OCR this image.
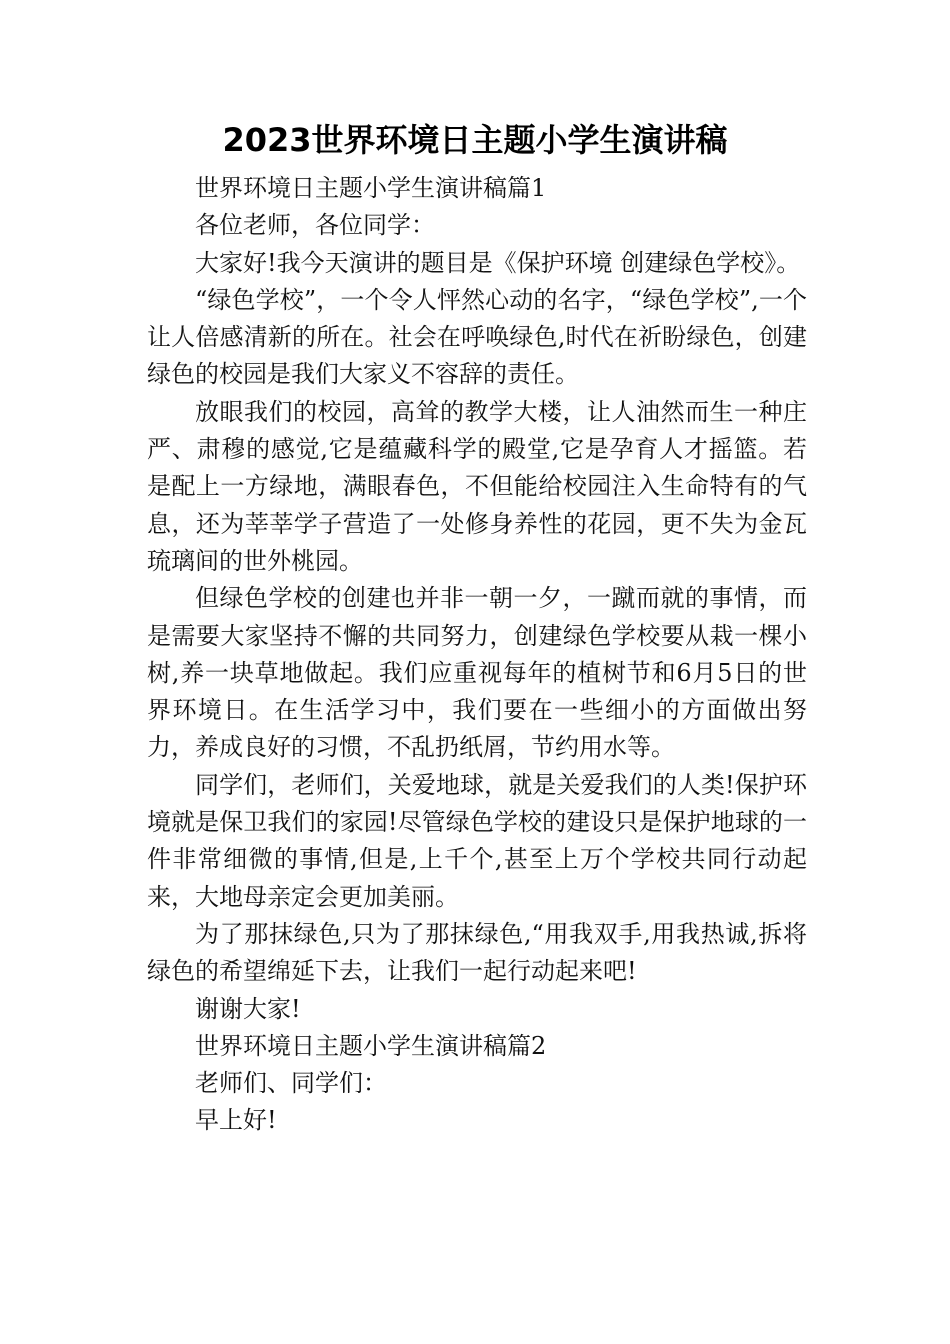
2023世界环境日主题小学生演讲稿

世界环境日主题小学生演讲稿篇1

各位老师，各位同学：

大家好!我今天演讲的题目是《保护环境 创建绿色学校》。

“绿色学校”，一个令人怦然心动的名字，“绿色学校”,一个让人倍感清新的所在。社会在呼唤绿色,时代在祈盼绿色，创建绿色的校园是我们大家义不容辞的责任。

放眼我们的校园，高耸的教学大楼，让人油然而生一种庄严、肃穆的感觉,它是蕴藏科学的殿堂,它是孕育人才摇篮。若是配上一方绿地，满眼春色，不但能给校园注入生命特有的气息，还为莘莘学子营造了一处修身养性的花园，更不失为金瓦琉璃间的世外桃园。

但绿色学校的创建也并非一朝一夕，一蹴而就的事情，而是需要大家坚持不懈的共同努力，创建绿色学校要从栽一棵小树,养一块草地做起。我们应重视每年的植树节和6月5日的世界环境日。在生活学习中，我们要在一些细小的方面做出努力，养成良好的习惯，不乱扔纸屑，节约用水等。

同学们，老师们，关爱地球，就是关爱我们的人类!保护环境就是保卫我们的家园!尽管绿色学校的建设只是保护地球的一件非常细微的事情,但是,上千个,甚至上万个学校共同行动起来，大地母亲定会更加美丽。

为了那抹绿色,只为了那抹绿色,“用我双手,用我热诚,拆将绿色的希望绵延下去，让我们一起行动起来吧!

谢谢大家!

世界环境日主题小学生演讲稿篇2

老师们、同学们：

早上好!
